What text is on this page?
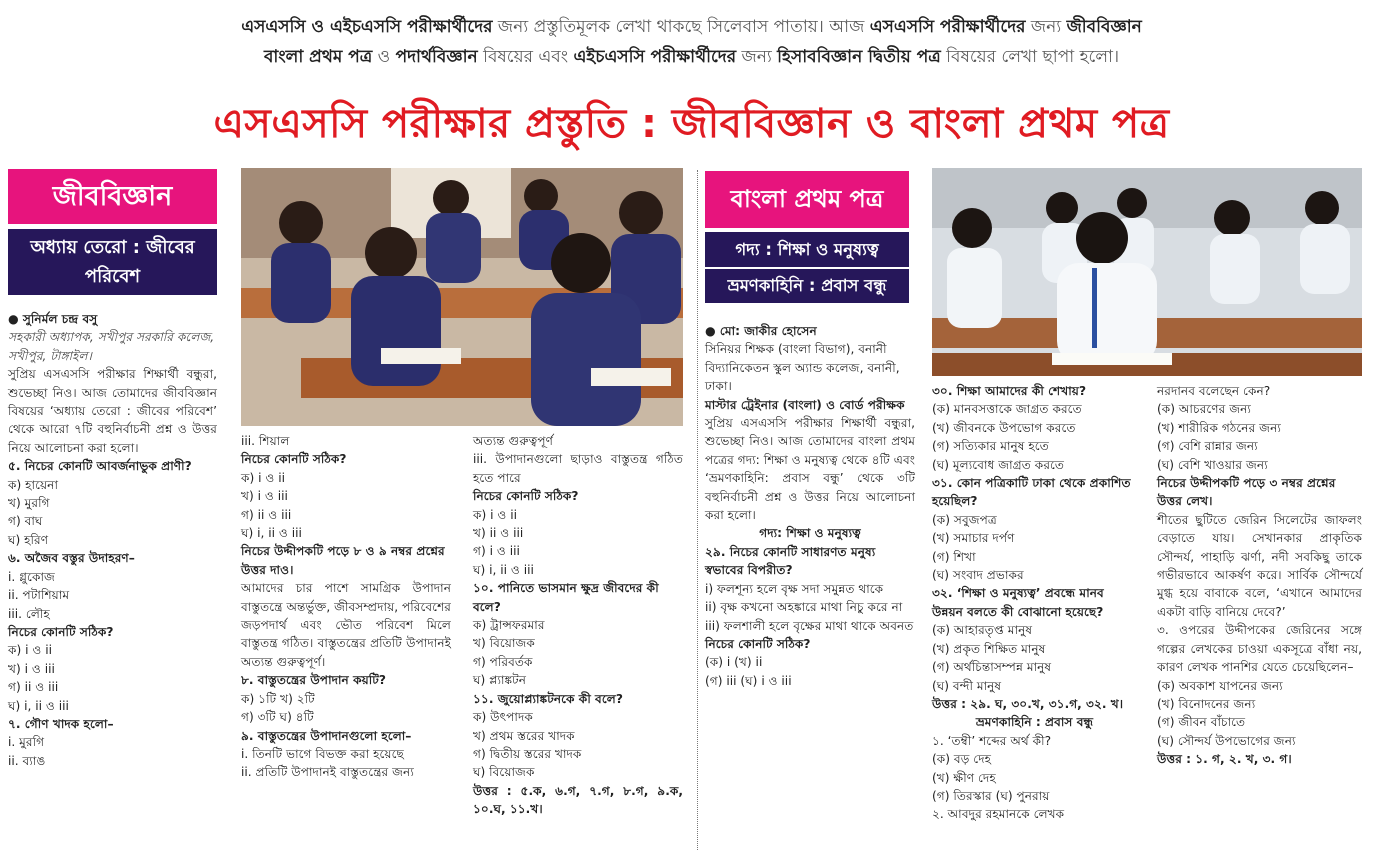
এসএসসি ও এইচএসসি পরীক্ষার্থীদের জন্য প্রস্তুতিমূলক লেখা থাকছে সিলেবাস পাতায়। আজ এসএসসি পরীক্ষার্থীদের জন্য জীববিজ্ঞান
বাংলা প্রথম পত্র ও পদার্থবিজ্ঞান বিষয়ের এবং এইচএসসি পরীক্ষার্থীদের জন্য হিসাববিজ্ঞান দ্বিতীয় পত্র বিষয়ের লেখা ছাপা হলো।
এসএসসি পরীক্ষার প্রস্তুতি : জীববিজ্ঞান ও বাংলা প্রথম পত্র
জীববিজ্ঞান
অধ্যায় তেরো : জীবের পরিবেশ
বাংলা প্রথম পত্র
গদ্য : শিক্ষা ও মনুষ্যত্ব
ভ্রমণকাহিনি : প্রবাস বন্ধু

● সুনির্মল চন্দ্র বসু

সহকারী অধ্যাপক, সখীপুর সরকারি কলেজ, সখীপুর, টাঙ্গাইল।

সুপ্রিয় এসএসসি পরীক্ষার শিক্ষার্থী বন্ধুরা, শুভেচ্ছা নিও। আজ তোমাদের জীববিজ্ঞান বিষয়ের ‘অধ্যায় তেরো : জীবের পরিবেশ’ থেকে আরো ৭টি বহুনির্বাচনী প্রশ্ন ও উত্তর নিয়ে আলোচনা করা হলো।

৫. নিচের কোনটি আবর্জনাভুক প্রাণী?

ক) হায়েনা

খ) মুরগি

গ) বাঘ

ঘ) হরিণ

৬. অজৈব বস্তুর উদাহরণ–

i. গ্লুকোজ

ii. পটাশিয়াম

iii. লৌহ

নিচের কোনটি সঠিক?

ক) i ও ii

খ) i ও iii

গ) ii ও iii

ঘ) i, ii ও iii

৭. গৌণ খাদক হলো–

i. মুরগি

ii. ব্যাঙ

iii. শিয়াল

নিচের কোনটি সঠিক?

ক) i ও ii

খ) i ও iii

গ) ii ও iii

ঘ) i, ii ও iii

নিচের উদ্দীপকটি পড়ে ৮ ও ৯ নম্বর প্রশ্নের উত্তর দাও।

আমাদের চার পাশে সামগ্রিক উপাদান বাস্তুতন্ত্রে অন্তর্ভুক্ত, জীবসম্প্রদায়, পরিবেশের জড়পদার্থ এবং ভৌত পরিবেশ মিলে বাস্তুতন্ত্র গঠিত। বাস্তুতন্ত্রের প্রতিটি উপাদানই অত্যন্ত গুরুত্বপূর্ণ।

৮. বাস্তুতন্ত্রের উপাদান কয়টি?

ক) ১টি খ) ২টি

গ) ৩টি ঘ) ৪টি

৯. বাস্তুতন্ত্রের উপাদানগুলো হলো–

i. তিনটি ভাগে বিভক্ত করা হয়েছে

ii. প্রতিটি উপাদানই বাস্তুতন্ত্রের জন্য

অত্যন্ত গুরুত্বপূর্ণ

iii. উপাদানগুলো ছাড়াও বাস্তুতন্ত্র গঠিত হতে পারে

নিচের কোনটি সঠিক?

ক) i ও ii

খ) ii ও iii

গ) i ও iii

ঘ) i, ii ও iii

১০. পানিতে ভাসমান ক্ষুদ্র জীবদের কী বলে?

ক) ট্রান্সফরমার

খ) বিয়োজক

গ) পরিবর্তক

ঘ) প্ল্যাঙ্কটন

১১. জুয়োপ্ল্যাঙ্কটনকে কী বলে?

ক) উৎপাদক

খ) প্রথম স্তরের খাদক

গ) দ্বিতীয় স্তরের খাদক

ঘ) বিয়োজক

উত্তর : ৫.ক, ৬.গ, ৭.গ, ৮.গ, ৯.ক, ১০.ঘ, ১১.খ।

● মো: জাকীর হোসেন

সিনিয়র শিক্ষক (বাংলা বিভাগ), বনানী বিদ্যানিকেতন স্কুল অ্যান্ড কলেজ, বনানী, ঢাকা।

মাস্টার ট্রেইনার (বাংলা) ও বোর্ড পরীক্ষক

সুপ্রিয় এসএসসি পরীক্ষার শিক্ষার্থী বন্ধুরা, শুভেচ্ছা নিও। আজ তোমাদের বাংলা প্রথম পত্রের গদ্য: শিক্ষা ও মনুষ্যত্ব থেকে ৪টি এবং ‘ভ্রমণকাহিনি: প্রবাস বন্ধু’ থেকে ৩টি বহুনির্বাচনী প্রশ্ন ও উত্তর নিয়ে আলোচনা করা হলো।

গদ্য: শিক্ষা ও মনুষ্যত্ব

২৯. নিচের কোনটি সাধারণত মনুষ্য স্বভাবের বিপরীত?

i) ফলশূন্য হলে বৃক্ষ সদা সমুন্নত থাকে

ii) বৃক্ষ কখনো অহঙ্কারে মাথা নিচু করে না

iii) ফলশালী হলে বৃক্ষের মাথা থাকে অবনত

নিচের কোনটি সঠিক?

(ক) i (খ) ii

(গ) iii (ঘ) i ও iii

৩০. শিক্ষা আমাদের কী শেখায়?

(ক) মানবসত্তাকে জাগ্রত করতে

(খ) জীবনকে উপভোগ করতে

(গ) সত্যিকার মানুষ হতে

(ঘ) মূল্যবোধ জাগ্রত করতে

৩১. কোন পত্রিকাটি ঢাকা থেকে প্রকাশিত হয়েছিল?

(ক) সবুজপত্র

(খ) সমাচার দর্পণ

(গ) শিখা

(ঘ) সংবাদ প্রভাকর

৩২. ‘শিক্ষা ও মনুষ্যত্ব’ প্রবন্ধে মানব উন্নয়ন বলতে কী বোঝানো হয়েছে?

(ক) আহারতৃপ্ত মানুষ

(খ) প্রকৃত শিক্ষিত মানুষ

(গ) অর্থচিন্তাসম্পন্ন মানুষ

(ঘ) বন্দী মানুষ

উত্তর : ২৯. ঘ, ৩০.খ, ৩১.গ, ৩২. খ।

ভ্রমণকাহিনি : প্রবাস বন্ধু

১. ‘তম্বী’ শব্দের অর্থ কী?

(ক) বড় দেহ

(খ) ক্ষীণ দেহ

(গ) তিরস্কার (ঘ) পুনরায়

২. আবদুর রহমানকে লেখক

নরদানব বলেছেন কেন?

(ক) আচরণের জন্য

(খ) শারীরিক গঠনের জন্য

(গ) বেশি রান্নার জন্য

(ঘ) বেশি খাওয়ার জন্য

নিচের উদ্দীপকটি পড়ে ৩ নম্বর প্রশ্নের উত্তর লেখ।

শীতের ছুটিতে জেরিন সিলেটের জাফলং বেড়াতে যায়। সেখানকার প্রাকৃতিক সৌন্দর্য, পাহাড়ি ঝর্ণা, নদী সবকিছু তাকে গভীরভাবে আকর্ষণ করে। সার্বিক সৌন্দর্যে মুগ্ধ হয়ে বাবাকে বলে, ‘এখানে আমাদের একটা বাড়ি বানিয়ে দেবে?’

৩. ওপরের উদ্দীপকের জেরিনের সঙ্গে গল্পের লেখকের চাওয়া একসূত্রে বাঁধা নয়, কারণ লেখক পানশির যেতে চেয়েছিলেন–

(ক) অবকাশ যাপনের জন্য

(খ) বিনোদনের জন্য

(গ) জীবন বাঁচাতে

(ঘ) সৌন্দর্য উপভোগের জন্য

উত্তর : ১. গ, ২. খ, ৩. গ।
